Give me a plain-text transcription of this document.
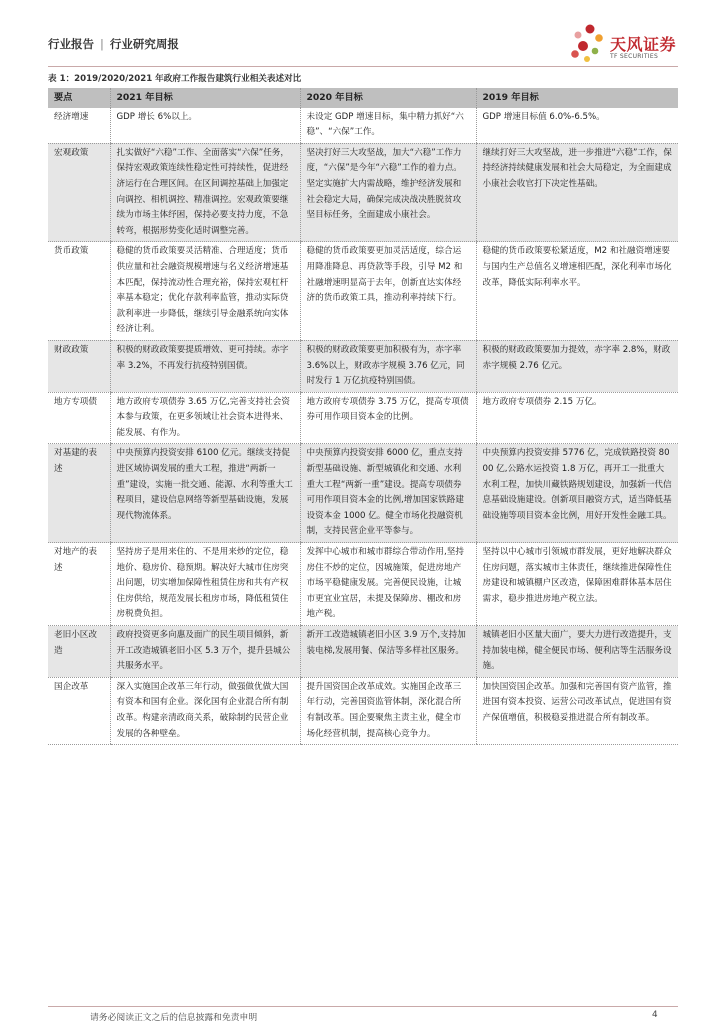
行业报告 | 行业研究周报	天风证券
TF SECURITIES
表 1：2019/2020/2021 年政府工作报告建筑行业相关表述对比
要点	2021 年目标	2020 年目标	2019 年目标
经济增速	GDP 增长 6%以上。	未设定 GDP 增速目标，集中精力抓好“六稳”、“六保”工作。	GDP 增速目标值 6.0%-6.5%。
宏观政策	扎实做好“六稳”工作、全面落实“六保”任务，保持宏观政策连续性稳定性可持续性，促进经济运行在合理区间。在区间调控基础上加强定向调控、相机调控、精准调控。宏观政策要继续为市场主体纾困，保持必要支持力度，不急转弯，根据形势变化适时调整完善。	坚决打好三大攻坚战，加大“六稳”工作力度，“六保”是今年“六稳”工作的着力点。坚定实施扩大内需战略，维护经济发展和社会稳定大局，确保完成决战决胜脱贫攻坚目标任务，全面建成小康社会。	继续打好三大攻坚战，进一步推进“六稳”工作，保持经济持续健康发展和社会大局稳定，为全面建成小康社会收官打下决定性基础。
货币政策	稳健的货币政策要灵活精准、合理适度；货币供应量和社会融资规模增速与名义经济增速基本匹配，保持流动性合理充裕，保持宏观杠杆率基本稳定；优化存款利率监管，推动实际贷款利率进一步降低，继续引导金融系统向实体经济让利。	稳健的货币政策要更加灵活适度，综合运用降准降息、再贷款等手段，引导 M2 和社融增速明显高于去年，创新直达实体经济的货币政策工具，推动利率持续下行。	稳健的货币政策要松紧适度，M2 和社融资增速要与国内生产总值名义增速相匹配，深化利率市场化改革，降低实际利率水平。
财政政策	积极的财政政策要提质增效、更可持续。赤字率 3.2%，不再发行抗疫特别国债。	积极的财政政策要更加积极有为，赤字率 3.6%以上，财政赤字规模 3.76 亿元，同时发行 1 万亿抗疫特别国债。	积极的财政政策要加力提效，赤字率 2.8%，财政赤字规模 2.76 亿元。
地方专项债	地方政府专项债券 3.65 万亿,完善支持社会资本参与政策，在更多领域让社会资本进得来、能发展、有作为。	地方政府专项债券 3.75 万亿，提高专项债券可用作项目资本金的比例。	地方政府专项债券 2.15 万亿。
对基建的表述	中央预算内投资安排 6100 亿元。继续支持促进区域协调发展的重大工程，推进“两新一重”建设，实施一批交通、能源、水利等重大工程项目，建设信息网络等新型基础设施，发展现代物流体系。	中央预算内投资安排 6000 亿，重点支持新型基础设施、新型城镇化和交通、水利重大工程“两新一重”建设。提高专项债券可用作项目资本金的比例,增加国家铁路建设资本金 1000 亿。健全市场化投融资机制，支持民营企业平等参与。	中央预算内投资安排 5776 亿，完成铁路投资 8000 亿,公路水运投资 1.8 万亿，再开工一批重大水利工程，加快川藏铁路规划建设，加强新一代信息基础设施建设。创新项目融资方式，适当降低基础设施等项目资本金比例，用好开发性金融工具。
对地产的表述	坚持房子是用来住的、不是用来炒的定位，稳地价、稳房价、稳预期。解决好大城市住房突出问题，切实增加保障性租赁住房和共有产权住房供给，规范发展长租房市场，降低租赁住房税费负担。	发挥中心城市和城市群综合带动作用,坚持房住不炒的定位，因城施策，促进房地产市场平稳健康发展。完善便民设施，让城市更宜业宜居，未提及保障房、棚改和房地产税。	坚持以中心城市引领城市群发展，更好地解决群众住房问题，落实城市主体责任，继续推进保障性住房建设和城镇棚户区改造，保障困难群体基本居住需求，稳步推进房地产税立法。
老旧小区改造	政府投资更多向惠及面广的民生项目倾斜，新开工改造城镇老旧小区 5.3 万个，提升县城公共服务水平。	新开工改造城镇老旧小区 3.9 万个,支持加装电梯,发展用餐、保洁等多样社区服务。	城镇老旧小区量大面广，要大力进行改造提升，支持加装电梯，健全便民市场、便利店等生活服务设施。
国企改革	深入实施国企改革三年行动，做强做优做大国有资本和国有企业。深化国有企业混合所有制改革。构建亲清政商关系，破除制约民营企业发展的各种壁垒。	提升国资国企改革成效。实施国企改革三年行动，完善国资监管体制，深化混合所有制改革。国企要聚焦主责主业，健全市场化经营机制，提高核心竞争力。	加快国资国企改革。加强和完善国有资产监管，推进国有资本投资、运营公司改革试点，促进国有资产保值增值，积极稳妥推进混合所有制改革。
请务必阅读正文之后的信息披露和免责申明	4
